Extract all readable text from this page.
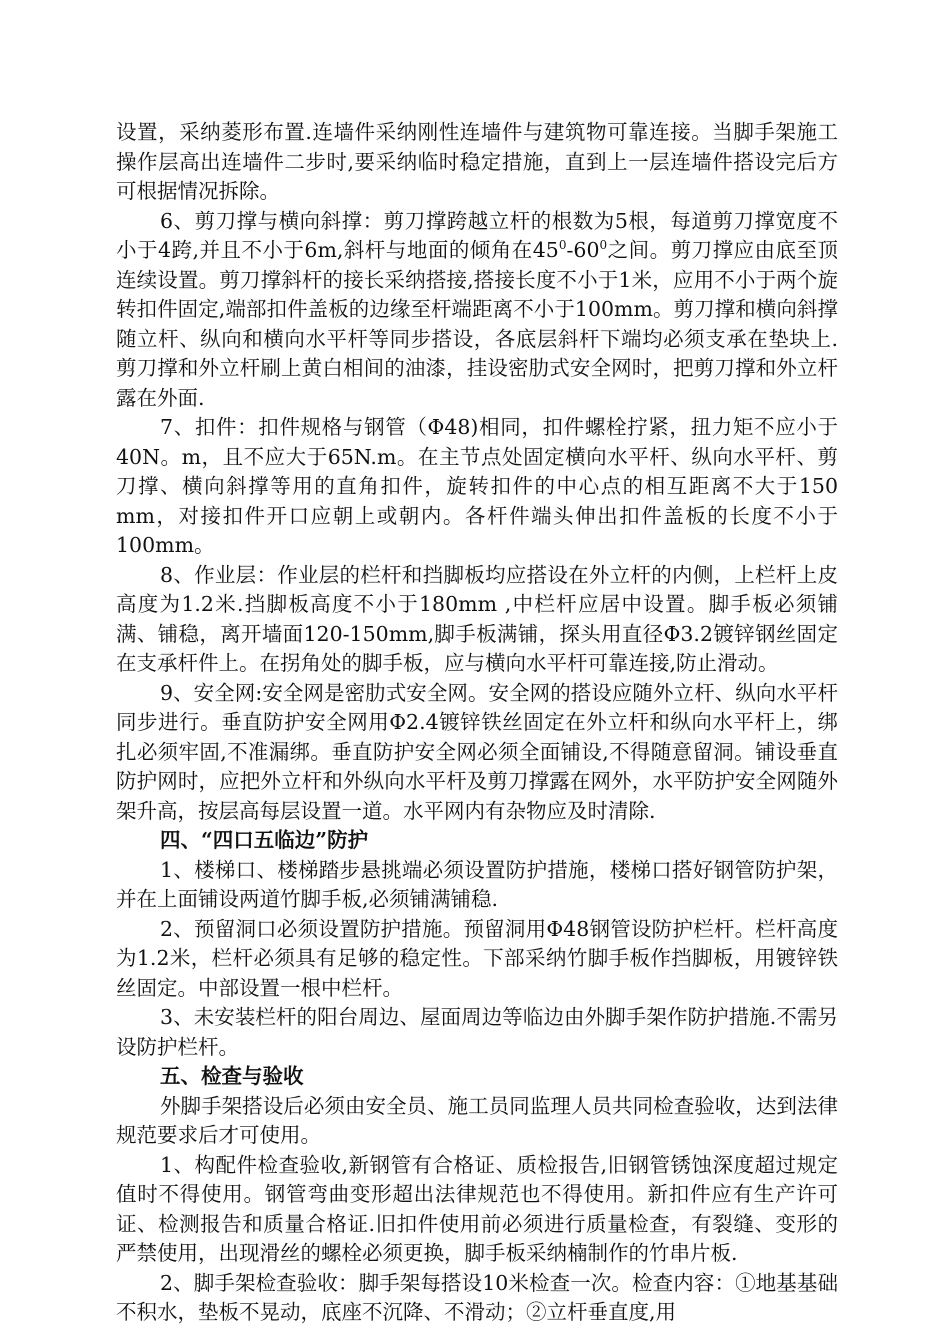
设置，采纳菱形布置.连墙件采纳刚性连墙件与建筑物可靠连接。当脚手架施工操作层高出连墙件二步时,要采纳临时稳定措施，直到上一层连墙件搭设完后方可根据情况拆除。

6、剪刀撑与横向斜撑：剪刀撑跨越立杆的根数为5根，每道剪刀撑宽度不小于4跨,并且不小于6m,斜杆与地面的倾角在$45^0-60^0$之间。剪刀撑应由底至顶连续设置。剪刀撑斜杆的接长采纳搭接,搭接长度不小于1米，应用不小于两个旋转扣件固定,端部扣件盖板的边缘至杆端距离不小于100mm。剪刀撑和横向斜撑随立杆、纵向和横向水平杆等同步搭设，各底层斜杆下端均必须支承在垫块上.剪刀撑和外立杆刷上黄白相间的油漆，挂设密肋式安全网时，把剪刀撑和外立杆露在外面.

7、扣件：扣件规格与钢管（Φ48)相同，扣件螺栓拧紧，扭力矩不应小于40N。m，且不应大于65N.m。在主节点处固定横向水平杆、纵向水平杆、剪刀撑、横向斜撑等用的直角扣件，旋转扣件的中心点的相互距离不大于150 mm，对接扣件开口应朝上或朝内。各杆件端头伸出扣件盖板的长度不小于100mm。

8、作业层：作业层的栏杆和挡脚板均应搭设在外立杆的内侧，上栏杆上皮高度为1.2米.挡脚板高度不小于180mm ,中栏杆应居中设置。脚手板必须铺满、铺稳，离开墙面120-150mm,脚手板满铺，探头用直径Φ3.2镀锌钢丝固定在支承杆件上。在拐角处的脚手板，应与横向水平杆可靠连接,防止滑动。

9、安全网:安全网是密肋式安全网。安全网的搭设应随外立杆、纵向水平杆同步进行。垂直防护安全网用Φ2.4镀锌铁丝固定在外立杆和纵向水平杆上，绑扎必须牢固,不准漏绑。垂直防护安全网必须全面铺设,不得随意留洞。铺设垂直防护网时，应把外立杆和外纵向水平杆及剪刀撑露在网外，水平防护安全网随外架升高，按层高每层设置一道。水平网内有杂物应及时清除.

四、“四口五临边”防护

1、楼梯口、楼梯踏步悬挑端必须设置防护措施，楼梯口搭好钢管防护架，并在上面铺设两道竹脚手板,必须铺满铺稳.

2、预留洞口必须设置防护措施。预留洞用Φ48钢管设防护栏杆。栏杆高度为1.2米，栏杆必须具有足够的稳定性。下部采纳竹脚手板作挡脚板，用镀锌铁丝固定。中部设置一根中栏杆。

3、未安装栏杆的阳台周边、屋面周边等临边由外脚手架作防护措施.不需另设防护栏杆。

五、检查与验收

外脚手架搭设后必须由安全员、施工员同监理人员共同检查验收，达到法律规范要求后才可使用。

1、构配件检查验收,新钢管有合格证、质检报告,旧钢管锈蚀深度超过规定值时不得使用。钢管弯曲变形超出法律规范也不得使用。新扣件应有生产许可证、检测报告和质量合格证.旧扣件使用前必须进行质量检查，有裂缝、变形的严禁使用，出现滑丝的螺栓必须更换，脚手板采纳楠制作的竹串片板.

2、脚手架检查验收：脚手架每搭设10米检查一次。检查内容：①地基基础不积水，垫板不晃动，底座不沉降、不滑动；②立杆垂直度,用
